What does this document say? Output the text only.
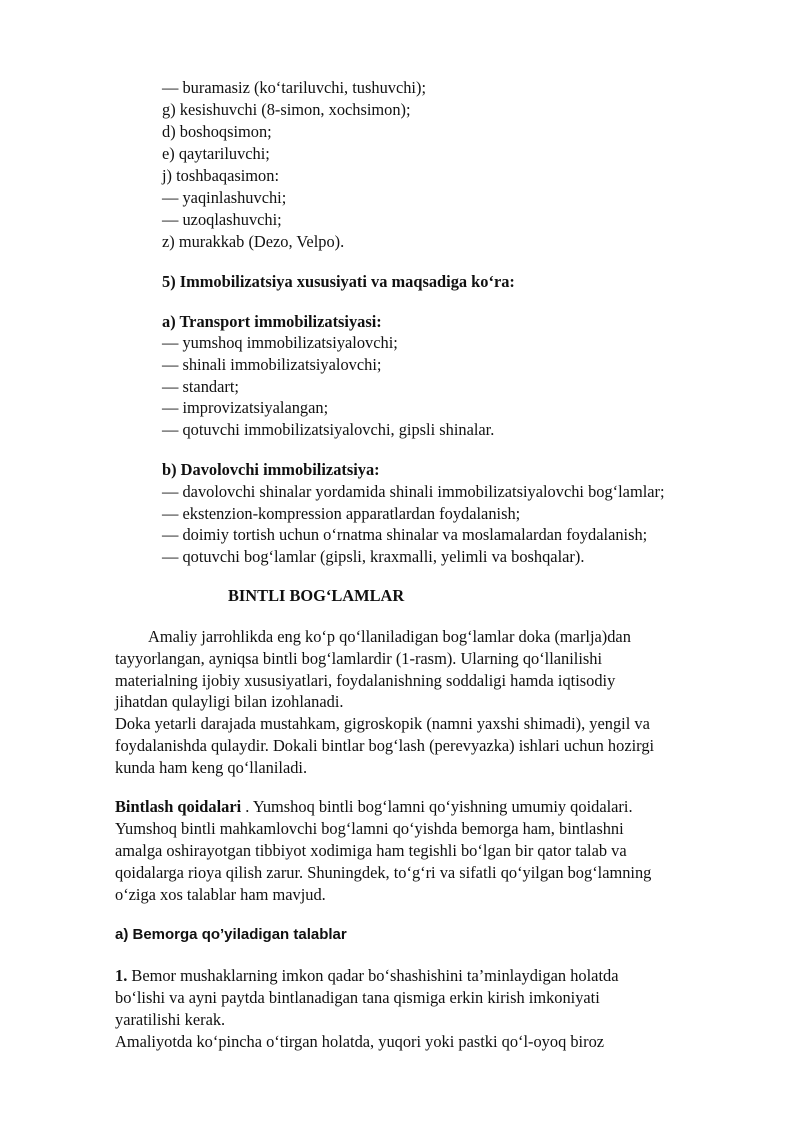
— buramasiz (ko‘tariluvchi, tushuvchi);
g) kesishuvchi (8-simon, xochsimon);
d) boshoqsimon;
e) qaytariluvchi;
j) toshbaqasimon:
— yaqinlashuvchi;
— uzoqlashuvchi;
z) murakkab (Dezo, Velpo).
5) Immobilizatsiya xususiyati va maqsadiga ko‘ra:
a) Transport immobilizatsiyasi:
— yumshoq immobilizatsiyalovchi;
— shinali immobilizatsiyalovchi;
— standart;
— improvizatsiyalangan;
— qotuvchi immobilizatsiyalovchi, gipsli shinalar.
b) Davolovchi immobilizatsiya:
— davolovchi shinalar yordamida shinali immobilizatsiyalovchi bog‘lamlar;
— ekstenzion-kompression apparatlardan foydalanish;
— doimiy tortish uchun o‘rnatma shinalar va moslamalardan foydalanish;
— qotuvchi bog‘lamlar (gipsli, kraxmalli, yelimli va boshqalar).
BINTLI BOG‘LAMLAR
Amaliy jarrohlikda eng ko‘p qo‘llaniladigan bog‘lamlar doka (marlja)dan
tayyorlangan, ayniqsa bintli bog‘lamlardir (1-rasm). Ularning qo‘llanilishi
materialning ijobiy xususiyatlari, foydalanishning soddaligi hamda iqtisodiy
jihatdan qulayligi bilan izohlanadi.
Doka yetarli darajada mustahkam, gigroskopik (namni yaxshi shimadi), yengil va
foydalanishda qulaydir. Dokali bintlar bog‘lash (perevyazka) ishlari uchun hozirgi
kunda ham keng qo‘llaniladi.
Bintlash qoidalari . Yumshoq bintli bog‘lamni qo‘yishning umumiy qoidalari.
Yumshoq bintli mahkamlovchi bog‘lamni qo‘yishda bemorga ham, bintlashni
amalga oshirayotgan tibbiyot xodimiga ham tegishli bo‘lgan bir qator talab va
qoidalarga rioya qilish zarur. Shuningdek, to‘g‘ri va sifatli qo‘yilgan bog‘lamning
o‘ziga xos talablar ham mavjud.
a) Bemorga qo’yiladigan talablar
1. Bemor mushaklarning imkon qadar bo‘shashishini ta’minlaydigan holatda
bo‘lishi va ayni paytda bintlanadigan tana qismiga erkin kirish imkoniyati
yaratilishi kerak.
Amaliyotda ko‘pincha o‘tirgan holatda, yuqori yoki pastki qo‘l-oyoq biroz
